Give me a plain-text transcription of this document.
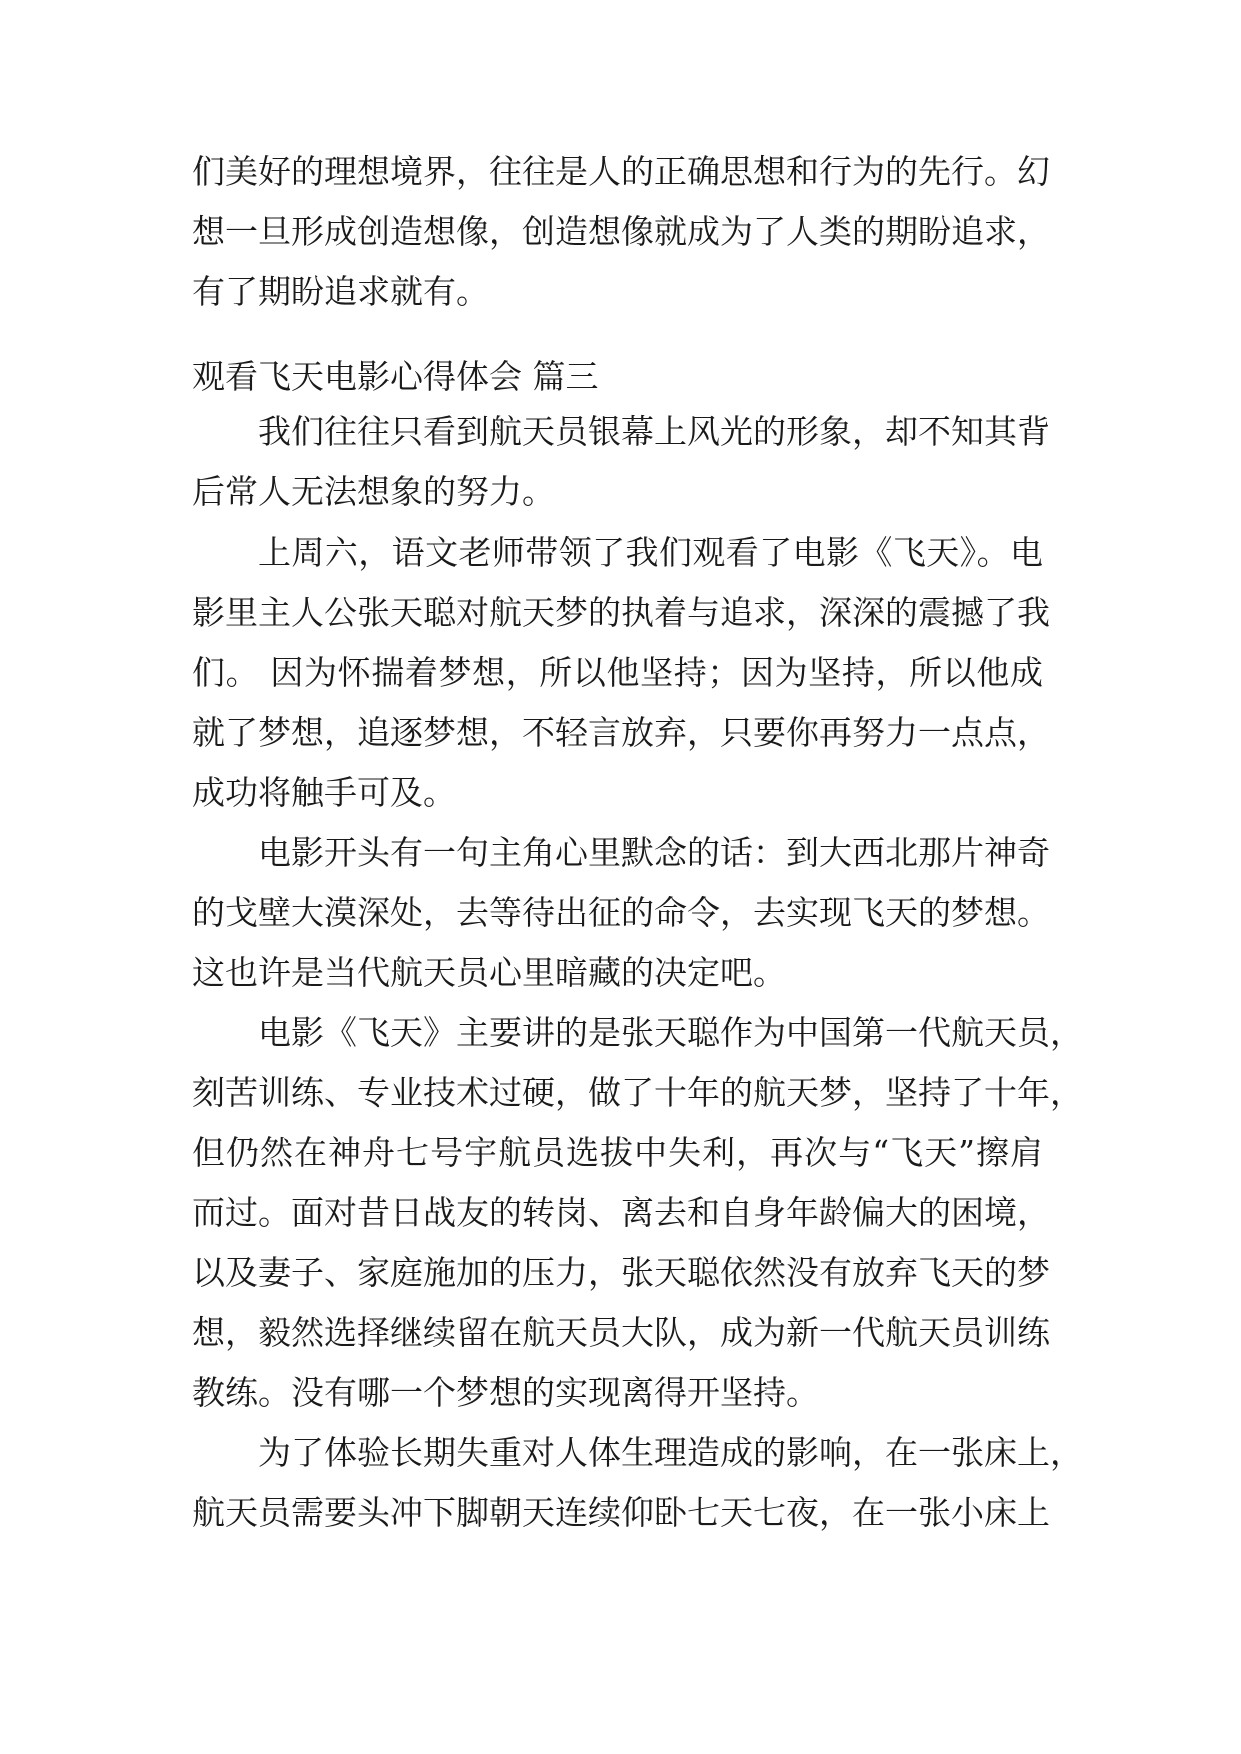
们美好的理想境界，往往是人的正确思想和行为的先行。幻
想一旦形成创造想像，创造想像就成为了人类的期盼追求，
有了期盼追求就有。
观看飞天电影心得体会 篇三
我们往往只看到航天员银幕上风光的形象，却不知其背
后常人无法想象的努力。
上周六，语文老师带领了我们观看了电影《飞天》。电
影里主人公张天聪对航天梦的执着与追求，深深的震撼了我
们。 因为怀揣着梦想，所以他坚持；因为坚持，所以他成
就了梦想，追逐梦想，不轻言放弃，只要你再努力一点点，
成功将触手可及。
电影开头有一句主角心里默念的话：到大西北那片神奇
的戈壁大漠深处，去等待出征的命令，去实现飞天的梦想。
这也许是当代航天员心里暗藏的决定吧。
电影《飞天》主要讲的是张天聪作为中国第一代航天员，
刻苦训练、专业技术过硬，做了十年的航天梦，坚持了十年，
但仍然在神舟七号宇航员选拔中失利，再次与“飞天”擦肩
而过。面对昔日战友的转岗、离去和自身年龄偏大的困境，
以及妻子、家庭施加的压力，张天聪依然没有放弃飞天的梦
想，毅然选择继续留在航天员大队，成为新一代航天员训练
教练。没有哪一个梦想的实现离得开坚持。
为了体验长期失重对人体生理造成的影响，在一张床上，
航天员需要头冲下脚朝天连续仰卧七天七夜，在一张小床上
